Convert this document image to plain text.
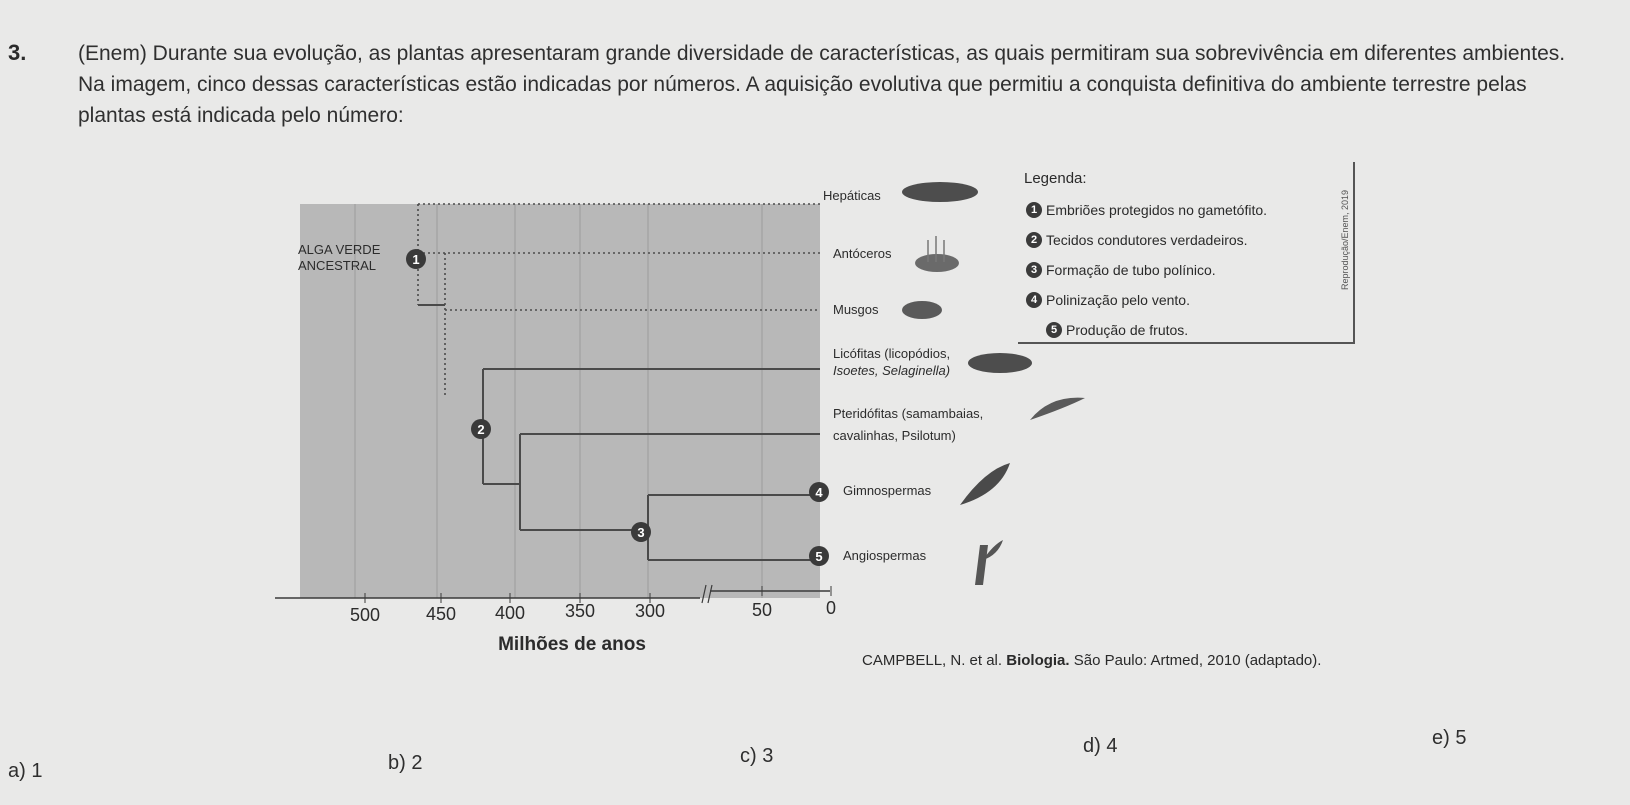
3. (Enem) Durante sua evolução, as plantas apresentaram grande diversidade de características, as quais permitiram sua sobrevivência em diferentes ambientes. Na imagem, cinco dessas características estão indicadas por números. A aquisição evolutiva que permitiu a conquista definitiva do ambiente terrestre pelas plantas está indicada pelo número:
ALGA VERDE
ANCESTRAL	1
2
3
4
5
Hepáticas
Antóceros
Musgos
Licófitas (licopódios,
Isoetes, Selaginella)
Pteridófitas (samambaias,
cavalinhas, Psilotum)
Gimnospermas
Angiospermas
500	450 400 350 300	50	0
Milhões de anos
Legenda:
1 Embriões protegidos no gametófito.
2 Tecidos condutores verdadeiros.
3 Formação de tubo polínico.
4 Polinização pelo vento.
5 Produção de frutos.
Reprodução/Enem, 2019
CAMPBELL, N. et al. Biologia. São Paulo: Artmed, 2010 (adaptado).
a) 1	b) 2	c) 3	d) 4	e) 5
